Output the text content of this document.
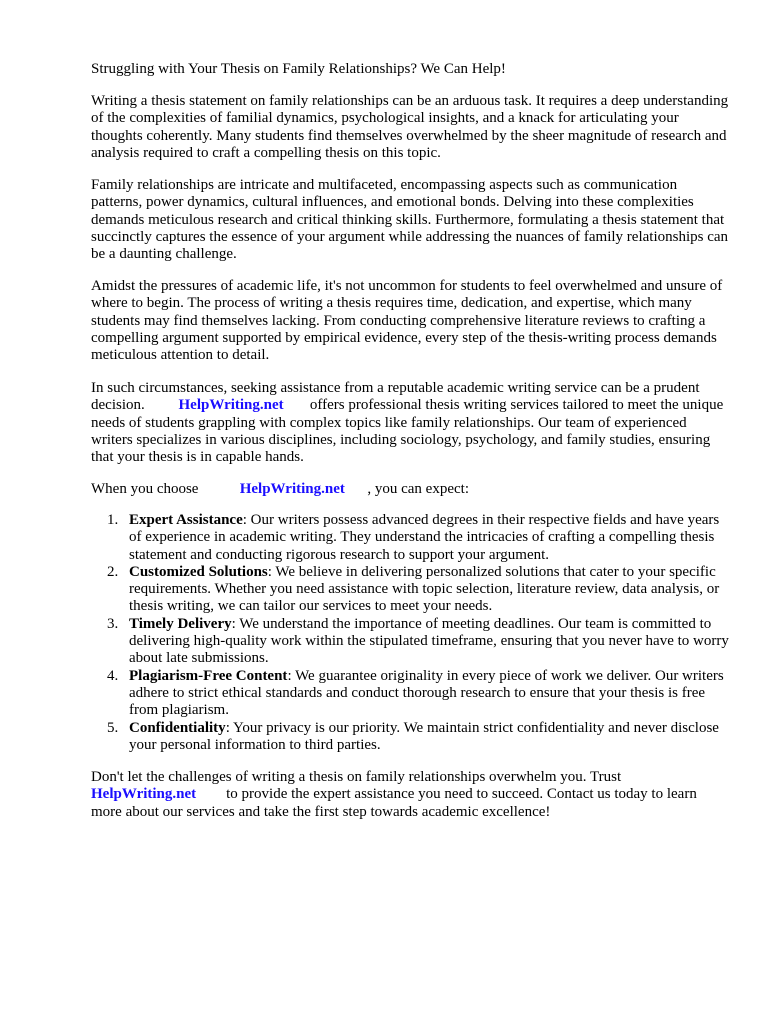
Struggling with Your Thesis on Family Relationships? We Can Help!

Writing a thesis statement on family relationships can be an arduous task. It requires a deep understanding of the complexities of familial dynamics, psychological insights, and a knack for articulating your thoughts coherently. Many students find themselves overwhelmed by the sheer magnitude of research and analysis required to craft a compelling thesis on this topic.

Family relationships are intricate and multifaceted, encompassing aspects such as communication patterns, power dynamics, cultural influences, and emotional bonds. Delving into these complexities demands meticulous research and critical thinking skills. Furthermore, formulating a thesis statement that succinctly captures the essence of your argument while addressing the nuances of family relationships can be a daunting challenge.

Amidst the pressures of academic life, it's not uncommon for students to feel overwhelmed and unsure of where to begin. The process of writing a thesis requires time, dedication, and expertise, which many students may find themselves lacking. From conducting comprehensive literature reviews to crafting a compelling argument supported by empirical evidence, every step of the thesis-writing process demands meticulous attention to detail.

In such circumstances, seeking assistance from a reputable academic writing service can be a prudent decision. HelpWriting.net offers professional thesis writing services tailored to meet the unique needs of students grappling with complex topics like family relationships. Our team of experienced writers specializes in various disciplines, including sociology, psychology, and family studies, ensuring that your thesis is in capable hands.

When you choose	HelpWriting.net , you can expect:

1. Expert Assistance: Our writers possess advanced degrees in their respective fields and have years of experience in academic writing. They understand the intricacies of crafting a compelling thesis statement and conducting rigorous research to support your argument.
2. Customized Solutions: We believe in delivering personalized solutions that cater to your specific requirements. Whether you need assistance with topic selection, literature review, data analysis, or thesis writing, we can tailor our services to meet your needs.
3. Timely Delivery: We understand the importance of meeting deadlines. Our team is committed to delivering high-quality work within the stipulated timeframe, ensuring that you never have to worry about late submissions.
4. Plagiarism-Free Content: We guarantee originality in every piece of work we deliver. Our writers adhere to strict ethical standards and conduct thorough research to ensure that your thesis is free from plagiarism.
5. Confidentiality: Your privacy is our priority. We maintain strict confidentiality and never disclose your personal information to third parties.

Don't let the challenges of writing a thesis on family relationships overwhelm you. Trust
HelpWriting.net to provide the expert assistance you need to succeed. Contact us today to learn more about our services and take the first step towards academic excellence!
